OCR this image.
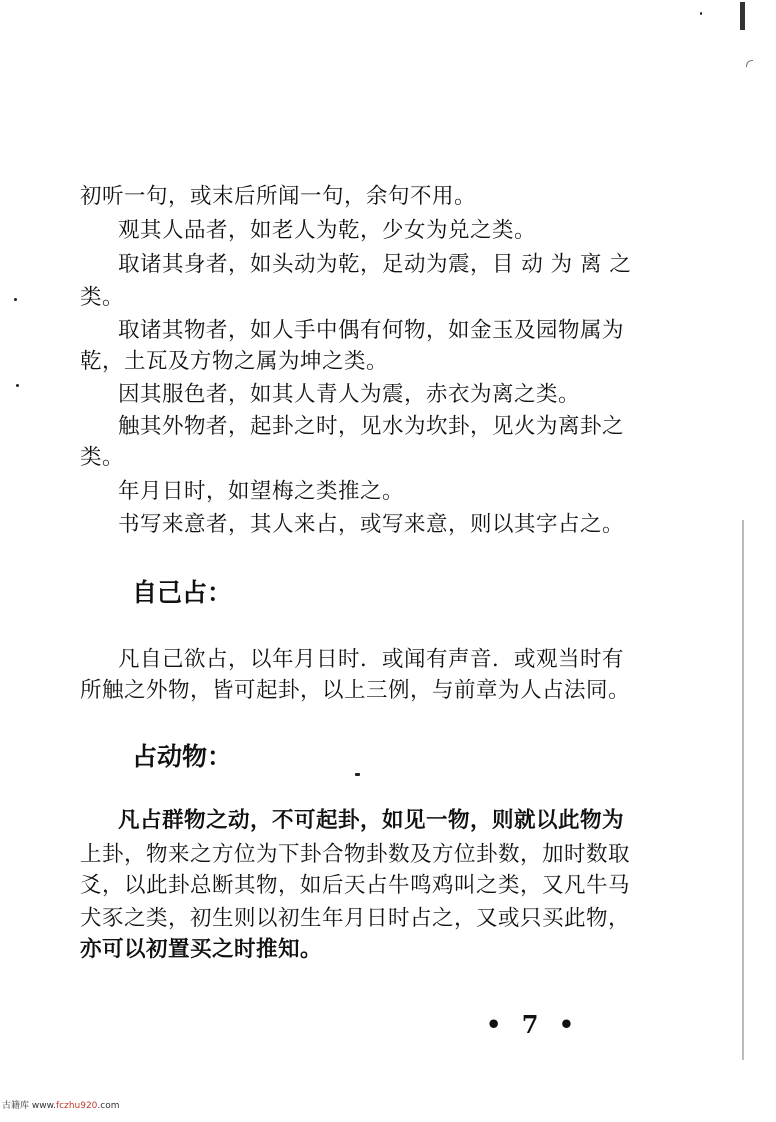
初听一句，或末后所闻一句，余句不用。
观其人品者，如老人为乾，少女为兑之类。
取诸其身者，如头动为乾，足动为震，目 动 为 离 之
类。
取诸其物者，如人手中偶有何物，如金玉及园物属为
乾，土瓦及方物之属为坤之类。
因其服色者，如其人青人为震，赤衣为离之类。
触其外物者，起卦之时，见水为坎卦，见火为离卦之
类。
年月日时，如望梅之类推之。
书写来意者，其人来占，或写来意，则以其字占之。
自己占：
凡自己欲占，以年月日时．或闻有声音．或观当时有
所触之外物，皆可起卦，以上三例，与前章为人占法同。
占动物：
凡占群物之动，不可起卦，如见一物，则就以此物为
上卦，物来之方位为下卦合物卦数及方位卦数，加时数取
爻，以此卦总断其物，如后天占牛鸣鸡叫之类，又凡牛马
犬豕之类，初生则以初生年月日时占之，又或只买此物，
亦可以初置买之时推知。
• 7 •
古籍库 www.fczhu920.com
